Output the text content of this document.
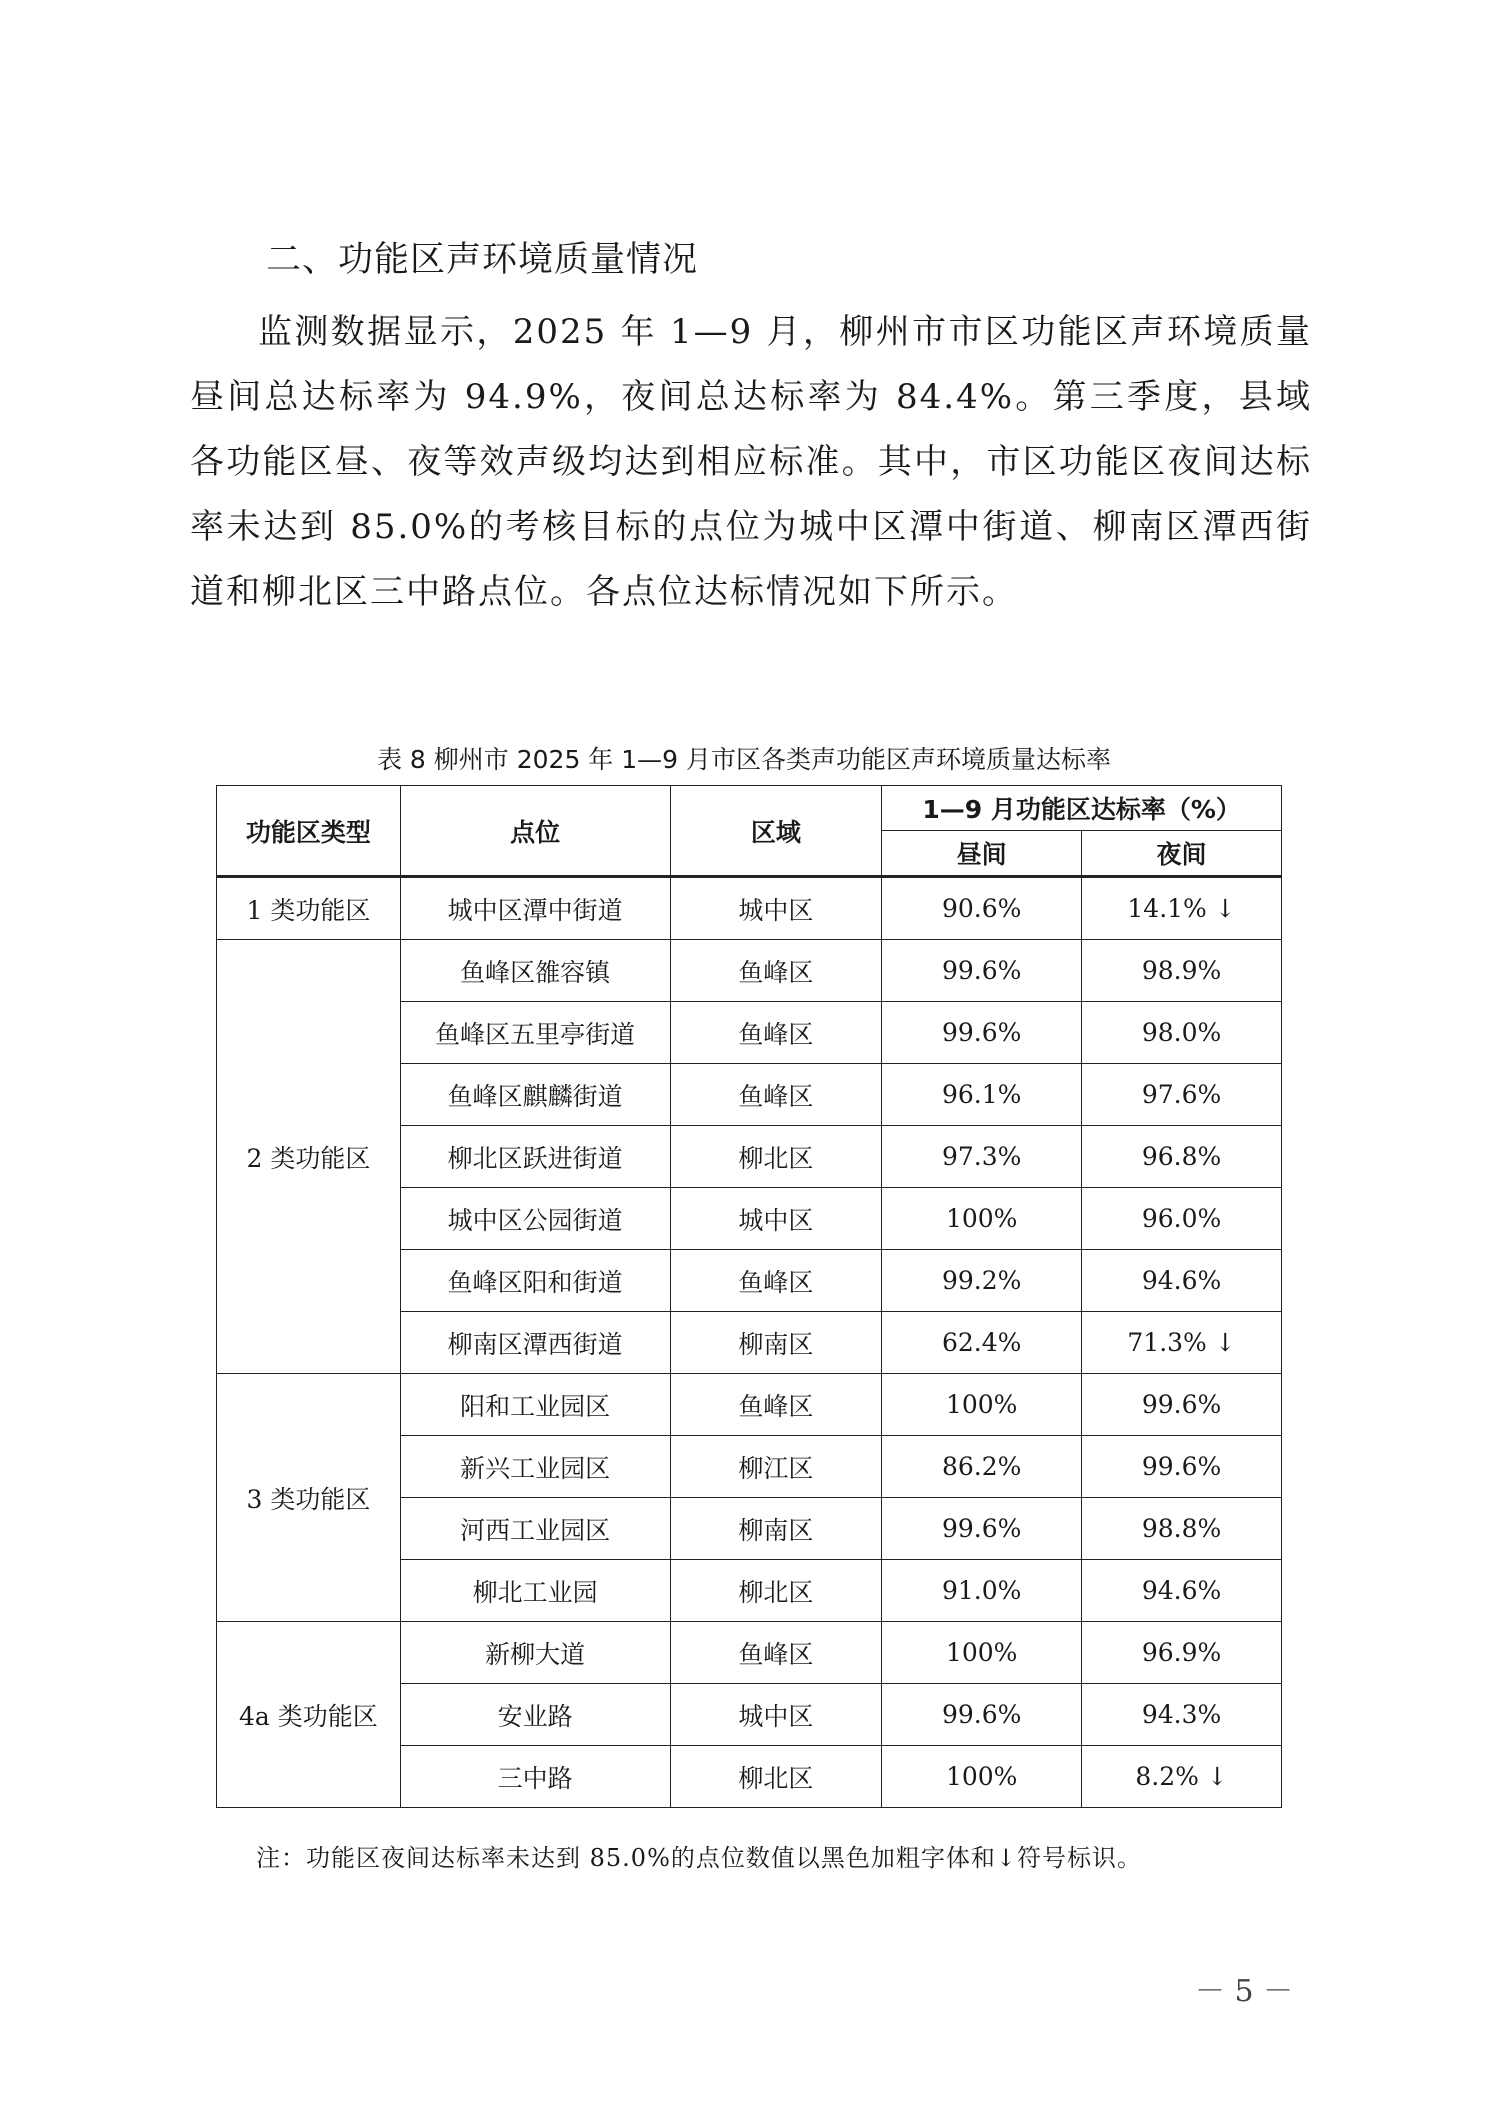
二、功能区声环境质量情况

监测数据显示，2025 年 1—9 月，柳州市市区功能区声环境质量昼间总达标率为 94.9%，夜间总达标率为 84.4%。第三季度，县域各功能区昼、夜等效声级均达到相应标准。其中，市区功能区夜间达标率未达到 85.0%的考核目标的点位为城中区潭中街道、柳南区潭西街道和柳北区三中路点位。各点位达标情况如下所示。

表 8 柳州市 2025 年 1—9 月市区各类声功能区声环境质量达标率

功能区类型	点位	区域	1—9 月功能区达标率（%）	
			昼间	夜间
1 类功能区	城中区潭中街道	城中区	90.6%	14.1% ↓
2 类功能区	鱼峰区雒容镇	鱼峰区	99.6%	98.9%
	鱼峰区五里亭街道	鱼峰区	99.6%	98.0%
	鱼峰区麒麟街道	鱼峰区	96.1%	97.6%
	柳北区跃进街道	柳北区	97.3%	96.8%
	城中区公园街道	城中区	100%	96.0%
	鱼峰区阳和街道	鱼峰区	99.2%	94.6%
	柳南区潭西街道	柳南区	62.4%	71.3% ↓
3 类功能区	阳和工业园区	鱼峰区	100%	99.6%
	新兴工业园区	柳江区	86.2%	99.6%
	河西工业园区	柳南区	99.6%	98.8%
	柳北工业园	柳北区	91.0%	94.6%
4a 类功能区	新柳大道	鱼峰区	100%	96.9%
	安业路	城中区	99.6%	94.3%
	三中路	柳北区	100%	8.2% ↓

注：功能区夜间达标率未达到 85.0%的点位数值以黑色加粗字体和↓符号标识。

－ 5 －
